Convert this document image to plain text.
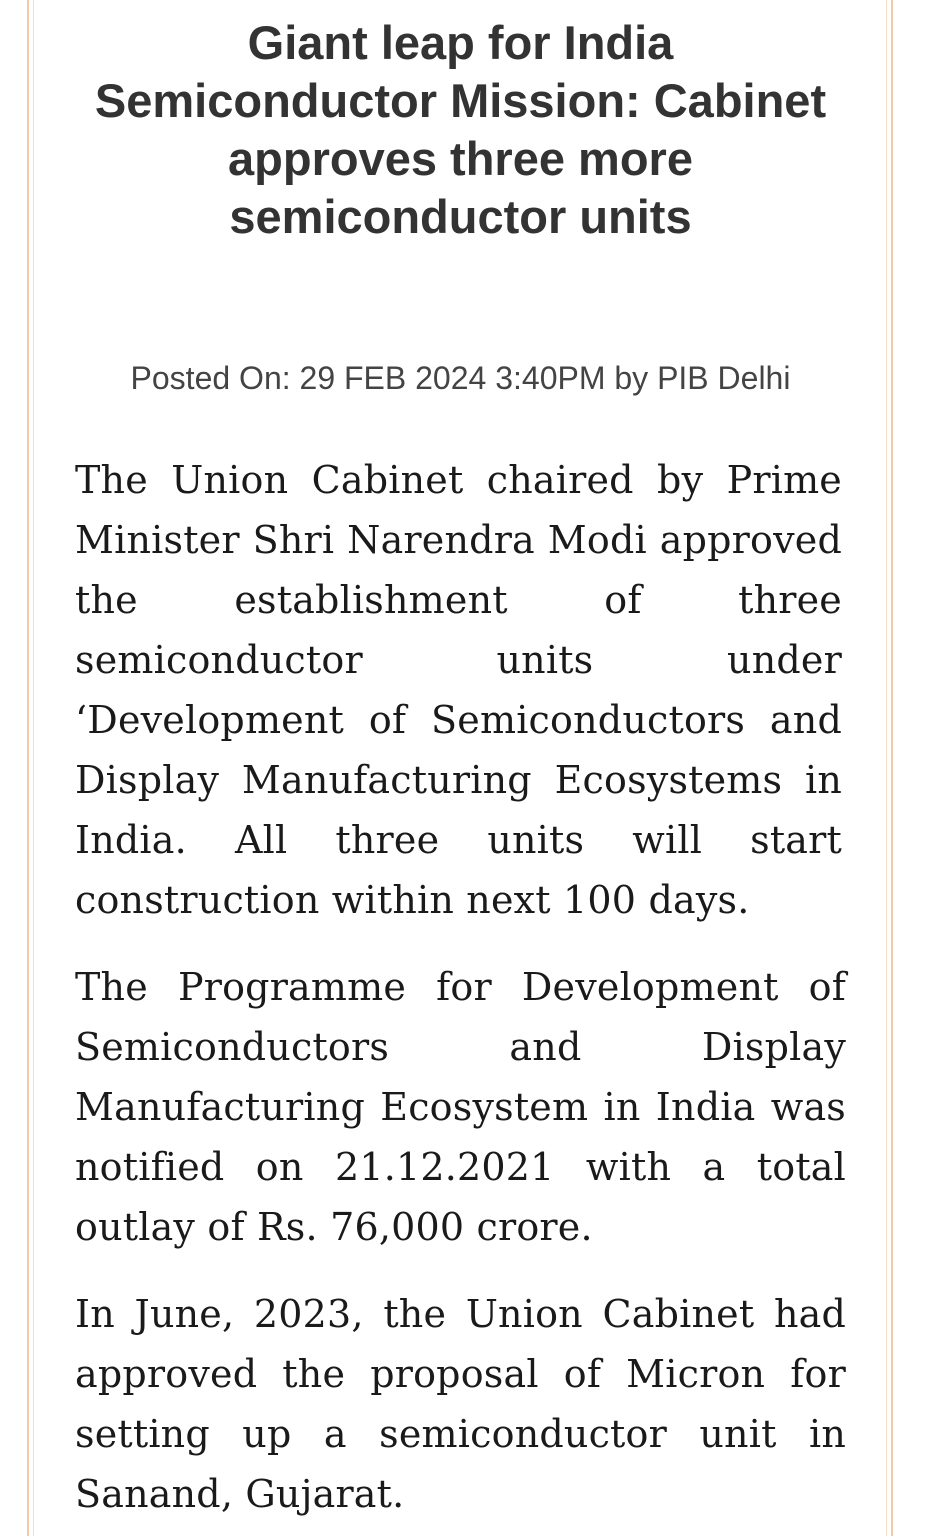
Giant leap for India Semiconductor Mission: Cabinet approves three more semiconductor units
Posted On: 29 FEB 2024 3:40PM by PIB Delhi

The Union Cabinet chaired by Prime Minister Shri Narendra Modi approved the establishment of three semiconductor units under ‘Development of Semiconductors and Display Manufacturing Ecosystems in India. All three units will start construction within next 100 days.

The Programme for Development of Semiconductors and Display Manufacturing Ecosystem in India was notified on 21.12.2021 with a total outlay of Rs. 76,000 crore.

In June, 2023, the Union Cabinet had approved the proposal of Micron for setting up a semiconductor unit in Sanand, Gujarat.
